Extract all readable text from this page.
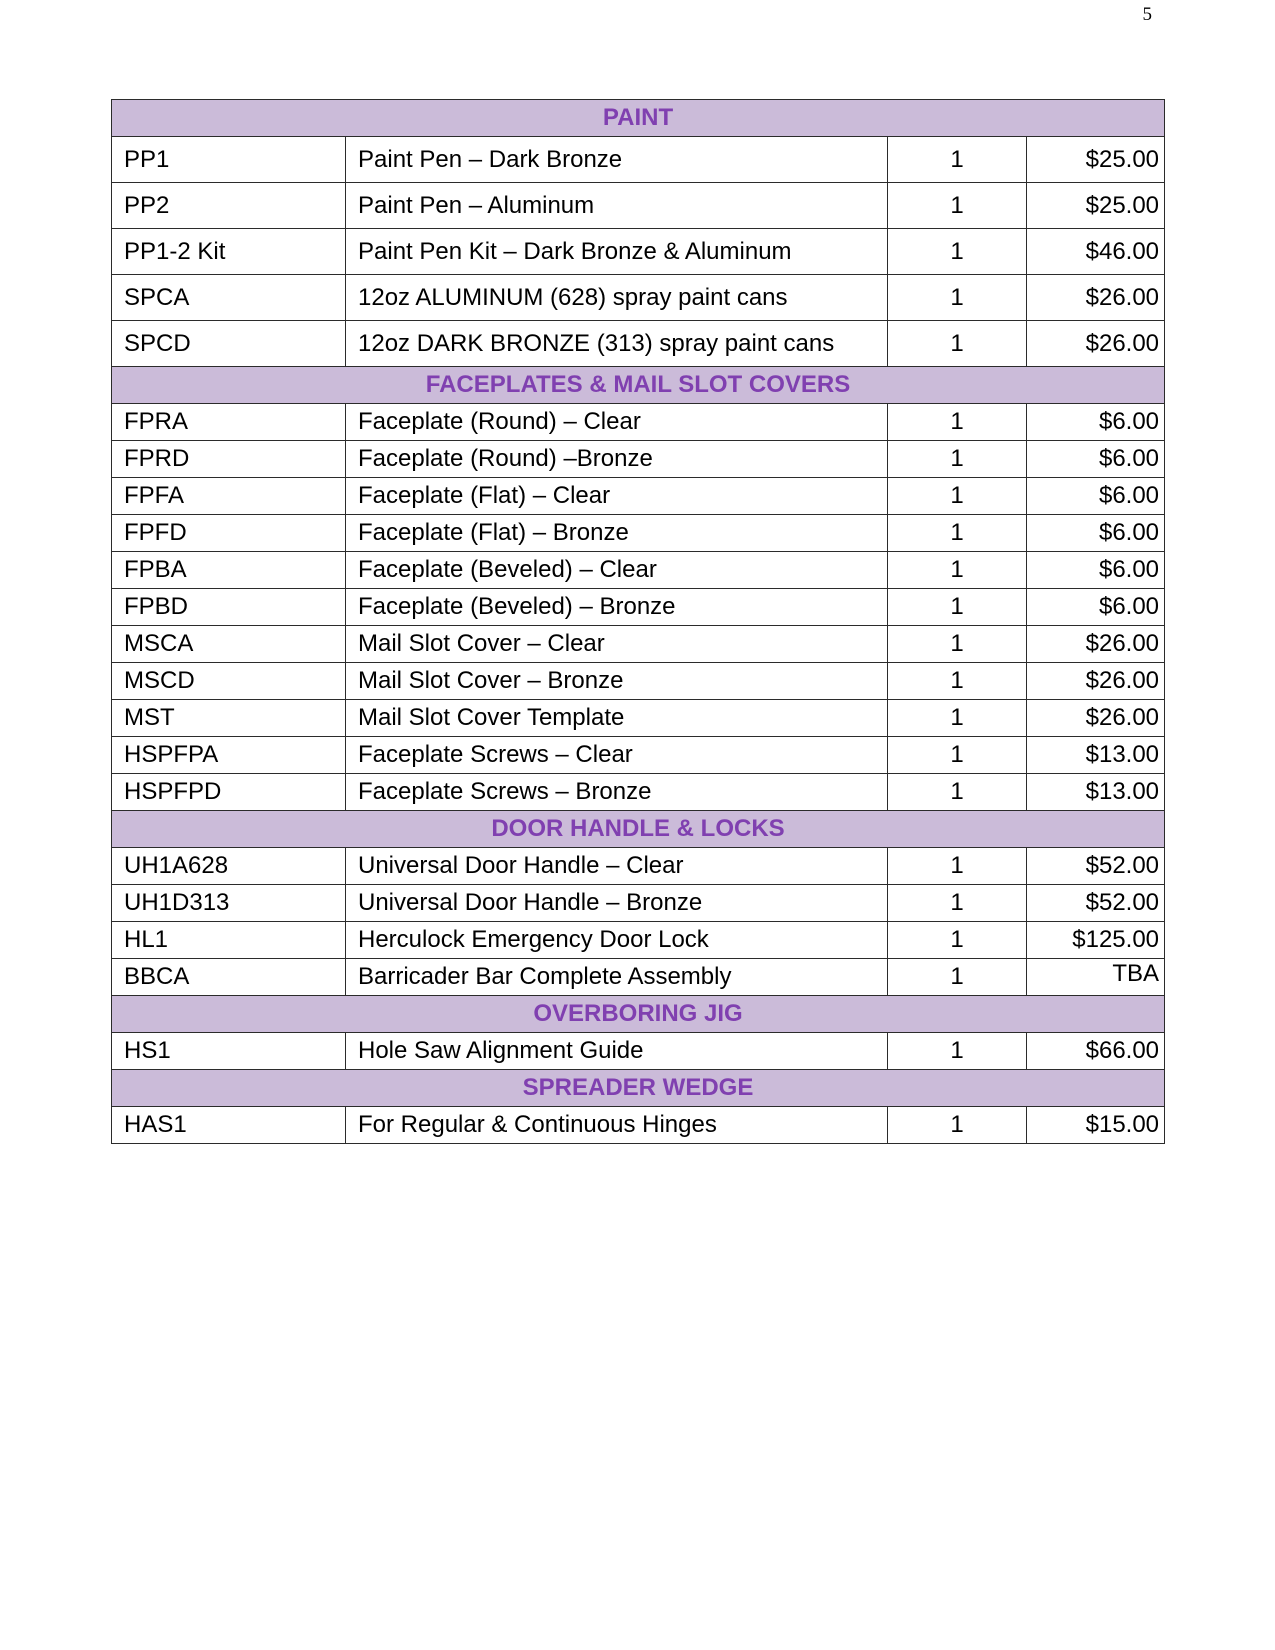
5
PAINT			
PP1	Paint Pen – Dark Bronze	1	$25.00
PP2	Paint Pen – Aluminum	1	$25.00
PP1-2 Kit	Paint Pen Kit – Dark Bronze & Aluminum	1	$46.00
SPCA	12oz ALUMINUM (628) spray paint cans	1	$26.00
SPCD	12oz DARK BRONZE (313) spray paint cans	1	$26.00
FACEPLATES & MAIL SLOT COVERS			
FPRA	Faceplate (Round) – Clear	1	$6.00
FPRD	Faceplate (Round) –Bronze	1	$6.00
FPFA	Faceplate (Flat) – Clear	1	$6.00
FPFD	Faceplate (Flat) – Bronze	1	$6.00
FPBA	Faceplate (Beveled) – Clear	1	$6.00
FPBD	Faceplate (Beveled) – Bronze	1	$6.00
MSCA	Mail Slot Cover – Clear	1	$26.00
MSCD	Mail Slot Cover – Bronze	1	$26.00
MST	Mail Slot Cover Template	1	$26.00
HSPFPA	Faceplate Screws – Clear	1	$13.00
HSPFPD	Faceplate Screws – Bronze	1	$13.00
DOOR HANDLE & LOCKS			
UH1A628	Universal Door Handle – Clear	1	$52.00
UH1D313	Universal Door Handle – Bronze	1	$52.00
HL1	Herculock Emergency Door Lock	1	$125.00
BBCA	Barricader Bar Complete Assembly	1	TBA
OVERBORING JIG			
HS1	Hole Saw Alignment Guide	1	$66.00
SPREADER WEDGE			
HAS1	For Regular & Continuous Hinges	1	$15.00
